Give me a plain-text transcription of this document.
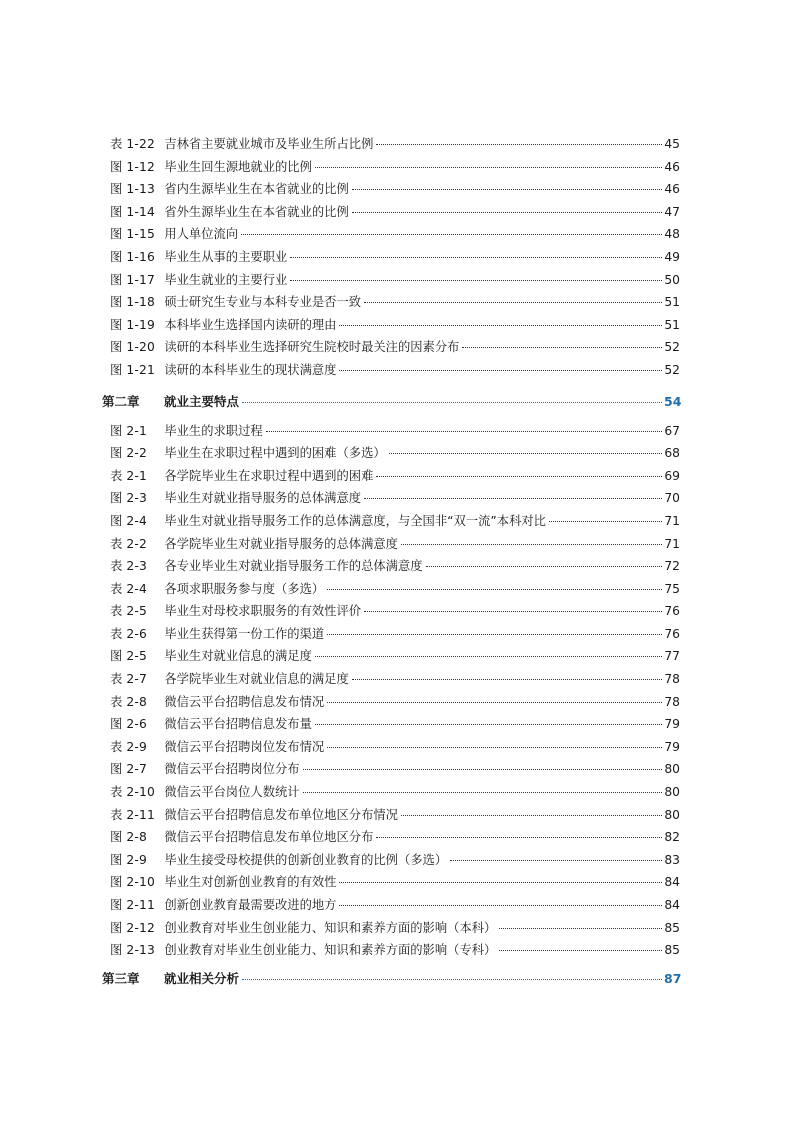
表 1-22 吉林省主要就业城市及毕业生所占比例	45
图 1-12 毕业生回生源地就业的比例	46
图 1-13 省内生源毕业生在本省就业的比例	46
图 1-14 省外生源毕业生在本省就业的比例	47
图 1-15 用人单位流向	48
图 1-16 毕业生从事的主要职业	49
图 1-17 毕业生就业的主要行业	50
图 1-18 硕士研究生专业与本科专业是否一致	51
图 1-19 本科毕业生选择国内读研的理由	51
图 1-20 读研的本科毕业生选择研究生院校时最关注的因素分布	52
图 1-21 读研的本科毕业生的现状满意度	52
第二章	就业主要特点	54
图 2-1	毕业生的求职过程	67
图 2-2	毕业生在求职过程中遇到的困难（多选）	68
表 2-1	各学院毕业生在求职过程中遇到的困难	69
图 2-3	毕业生对就业指导服务的总体满意度	70
图 2-4	毕业生对就业指导服务工作的总体满意度，与全国非“双一流”本科对比	71
表 2-2	各学院毕业生对就业指导服务的总体满意度	71
表 2-3	各专业毕业生对就业指导服务工作的总体满意度	72
表 2-4	各项求职服务参与度（多选）	75
表 2-5	毕业生对母校求职服务的有效性评价	76
表 2-6	毕业生获得第一份工作的渠道	76
图 2-5	毕业生对就业信息的满足度	77
表 2-7	各学院毕业生对就业信息的满足度	78
表 2-8	微信云平台招聘信息发布情况	78
图 2-6	微信云平台招聘信息发布量	79
表 2-9	微信云平台招聘岗位发布情况	79
图 2-7	微信云平台招聘岗位分布	80
表 2-10 微信云平台岗位人数统计	80
表 2-11 微信云平台招聘信息发布单位地区分布情况	80
图 2-8	微信云平台招聘信息发布单位地区分布	82
图 2-9	毕业生接受母校提供的创新创业教育的比例（多选）	83
图 2-10 毕业生对创新创业教育的有效性	84
图 2-11 创新创业教育最需要改进的地方	84
图 2-12 创业教育对毕业生创业能力、知识和素养方面的影响（本科）	85
图 2-13 创业教育对毕业生创业能力、知识和素养方面的影响（专科）	85
第三章	就业相关分析	87
